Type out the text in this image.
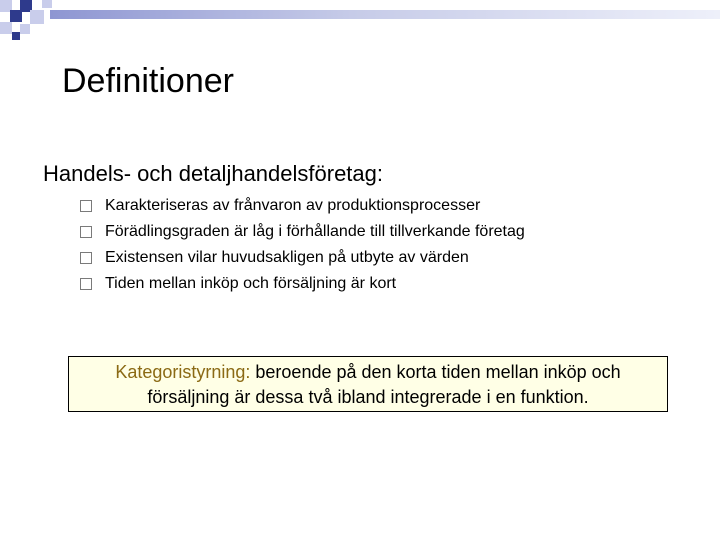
Definitioner
Handels- och detaljhandelsföretag:
Karakteriseras av frånvaron av produktionsprocesser
Förädlingsgraden är låg i förhållande till tillverkande företag
Existensen vilar huvudsakligen på utbyte av värden
Tiden mellan inköp och försäljning är kort
Kategoristyrning: beroende på den korta tiden mellan inköp och
försäljning är dessa två ibland integrerade i en funktion.
